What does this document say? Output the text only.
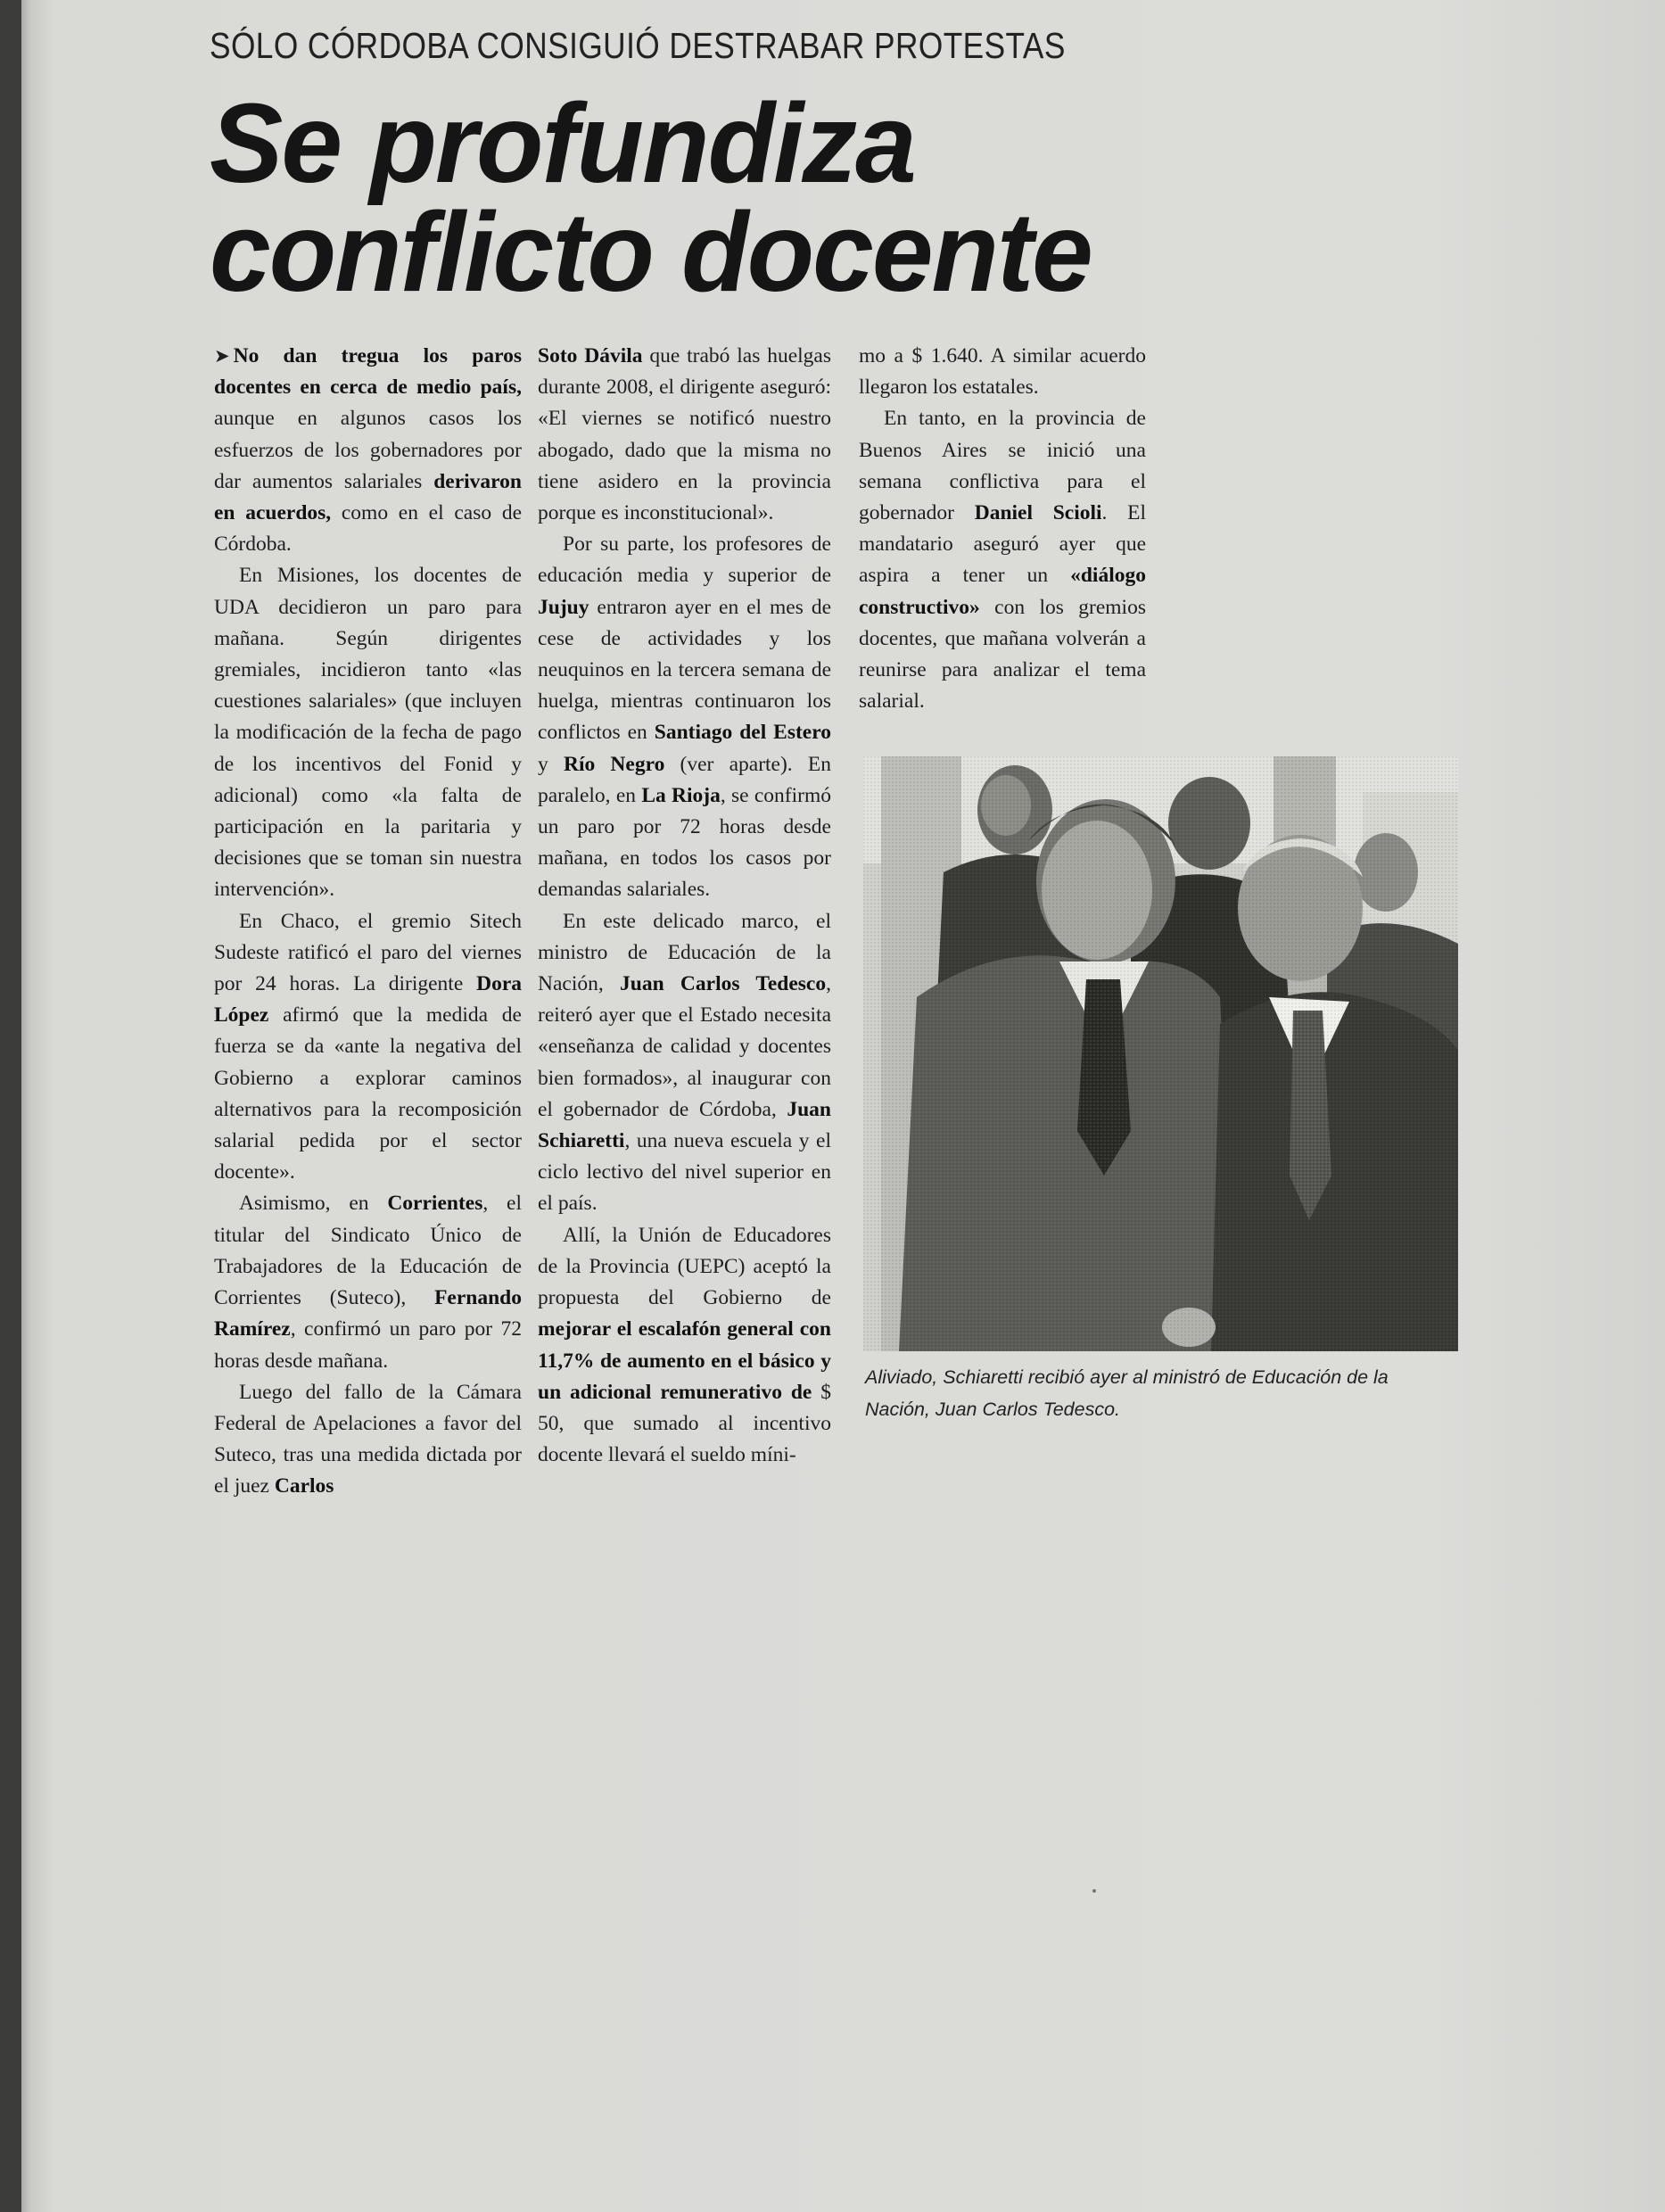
SÓLO CÓRDOBA CONSIGUIÓ DESTRABAR PROTESTAS
Se profundiza
conflicto docente

➤ No dan tregua los paros docentes en cerca de medio país, aunque en algunos casos los esfuerzos de los gobernadores por dar aumentos salariales derivaron en acuerdos, como en el caso de Córdoba.

En Misiones, los docentes de UDA decidieron un paro para mañana. Según dirigentes gremiales, incidieron tanto «las cuestiones salariales» (que incluyen la modificación de la fecha de pago de los incentivos del Fonid y adicional) como «la falta de participación en la paritaria y decisiones que se toman sin nuestra intervención».

En Chaco, el gremio Sitech Sudeste ratificó el paro del viernes por 24 horas. La dirigente Dora López afirmó que la medida de fuerza se da «ante la negativa del Gobierno a explorar caminos alternativos para la recomposición salarial pedida por el sector docente».

Asimismo, en Corrientes, el titular del Sindicato Único de Trabajadores de la Educación de Corrientes (Suteco), Fernando Ramírez, confirmó un paro por 72 horas desde mañana.

Luego del fallo de la Cámara Federal de Apelaciones a favor del Suteco, tras una medida dictada por el juez Carlos

Soto Dávila que trabó las huelgas durante 2008, el dirigente aseguró: «El viernes se notificó nuestro abogado, dado que la misma no tiene asidero en la provincia porque es inconstitucional».

Por su parte, los profesores de educación media y superior de Jujuy entraron ayer en el mes de cese de actividades y los neuquinos en la tercera semana de huelga, mientras continuaron los conflictos en Santiago del Estero y Río Negro (ver aparte). En paralelo, en La Rioja, se confirmó un paro por 72 horas desde mañana, en todos los casos por demandas salariales.

En este delicado marco, el ministro de Educación de la Nación, Juan Carlos Tedesco, reiteró ayer que el Estado necesita «enseñanza de calidad y docentes bien formados», al inaugurar con el gobernador de Córdoba, Juan Schiaretti, una nueva escuela y el ciclo lectivo del nivel superior en el país.

Allí, la Unión de Educadores de la Provincia (UEPC) aceptó la propuesta del Gobierno de mejorar el escalafón general con 11,7% de aumento en el básico y un adicional remunerativo de $ 50, que sumado al incentivo docente llevará el sueldo míni-

mo a $ 1.640. A similar acuerdo llegaron los estatales.

En tanto, en la provincia de Buenos Aires se inició una semana conflictiva para el gobernador Daniel Scioli. El mandatario aseguró ayer que aspira a tener un «diálogo constructivo» con los gremios docentes, que mañana volverán a reunirse para analizar el tema salarial.

Aliviado, Schiaretti recibió ayer al ministró de Educación de la Nación, Juan Carlos Tedesco.
